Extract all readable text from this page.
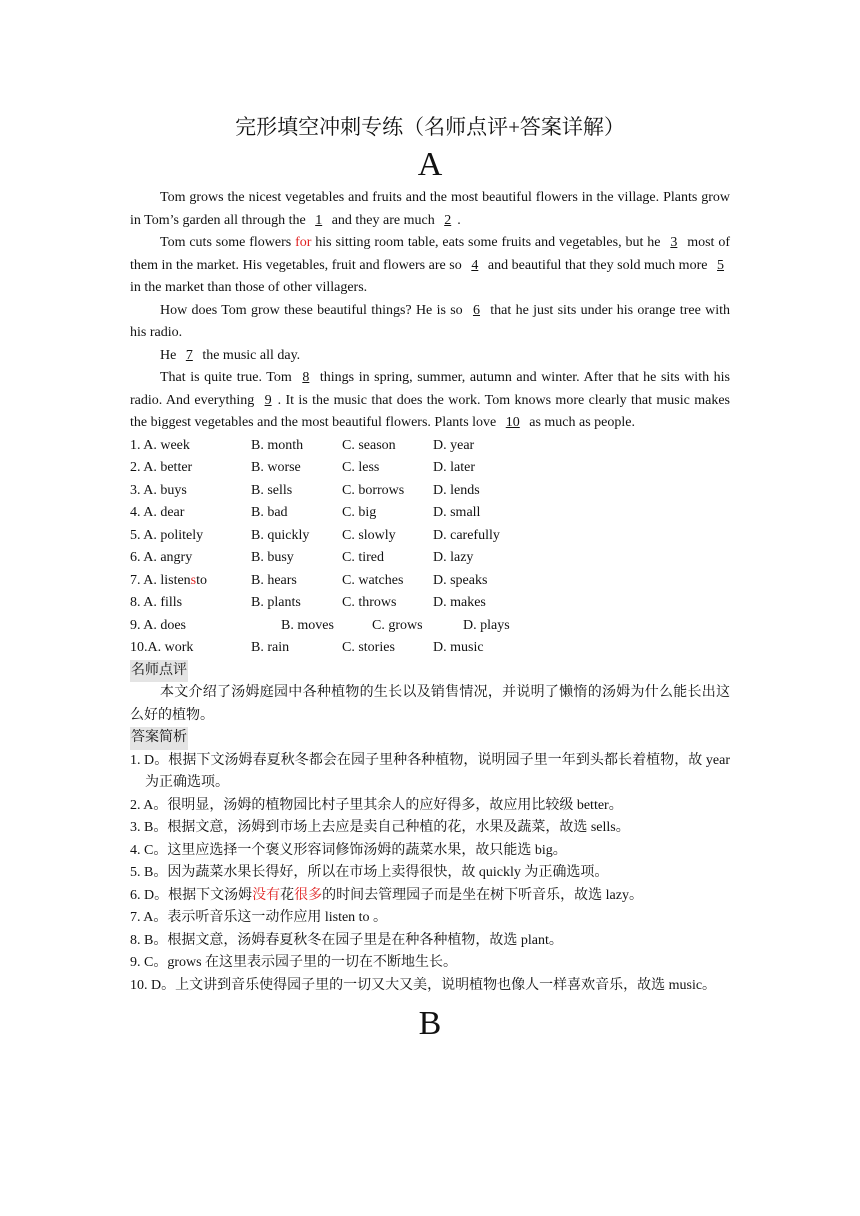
完形填空冲刺专练（名师点评+答案详解）
A

Tom grows the nicest vegetables and fruits and the most beautiful flowers in the village. Plants grow in Tom’s garden all through the 1 and they are much 2 .

Tom cuts some flowers for his sitting room table, eats some fruits and vegetables, but he 3 most of them in the market. His vegetables, fruit and flowers are so 4 and beautiful that they sold much more 5 in the market than those of other villagers.

How does Tom grow these beautiful things? He is so 6 that he just sits under his orange tree with his radio.

He 7 the music all day.

That is quite true. Tom 8 things in spring, summer, autumn and winter. After that he sits with his radio. And everything 9 . It is the music that does the work. Tom knows more clearly that music makes the biggest vegetables and the most beautiful flowers. Plants love 10 as much as people.

1. A. week	B. month	C. season	D. year
2. A. better	B. worse	C. less	D. later
3. A. buys	B. sells	C. borrows	D. lends
4. A. dear	B. bad	C. big	D. small
5. A. politely	B. quickly	C. slowly	D. carefully
6. A. angry	B. busy	C. tired	D. lazy
7. A. listensto	B. hears	C. watches	D. speaks
8. A. fills	B. plants	C. throws	D. makes
9. A. does	B. moves	C. grows	D. plays
10.A. work	B. rain	C. stories	D. music
名师点评

本文介绍了汤姆庭园中各种植物的生长以及销售情况，并说明了懒惰的汤姆为什么能长出这么好的植物。

答案简析

1. D。根据下文汤姆春夏秋冬都会在园子里种各种植物，说明园子里一年到头都长着植物，故 year 为正确选项。

2. A。很明显，汤姆的植物园比村子里其余人的应好得多，故应用比较级 better。

3. B。根据文意，汤姆到市场上去应是卖自己种植的花，水果及蔬菜，故选 sells。

4. C。这里应选择一个褒义形容词修饰汤姆的蔬菜水果，故只能选 big。

5. B。因为蔬菜水果长得好，所以在市场上卖得很快，故 quickly 为正确选项。

6. D。根据下文汤姆没有花很多的时间去管理园子而是坐在树下听音乐，故选 lazy。

7. A。表示听音乐这一动作应用 listen to 。

8. B。根据文意，汤姆春夏秋冬在园子里是在种各种植物，故选 plant。

9. C。grows 在这里表示园子里的一切在不断地生长。

10. D。上文讲到音乐使得园子里的一切又大又美，说明植物也像人一样喜欢音乐，故选 music。

B
